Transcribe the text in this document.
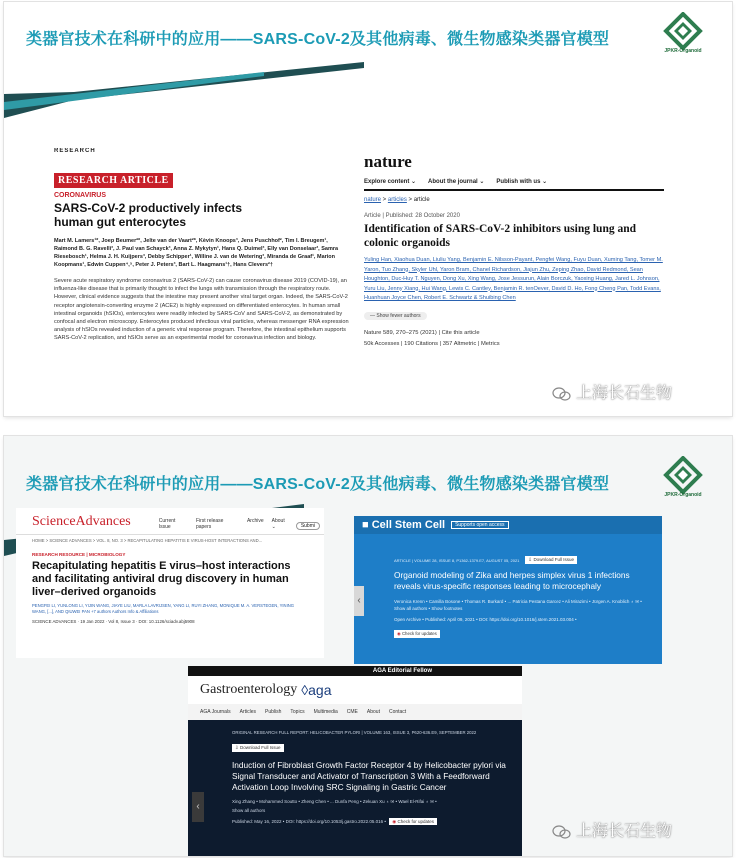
类器官技术在科研中的应用——SARS-CoV-2及其他病毒、微生物感染类器官模型
JPKR-Organoid
RESEARCH
RESEARCH ARTICLE
CORONAVIRUS
SARS-CoV-2 productively infects human gut enterocytes
Mart M. Lamers¹*, Joep Beumer²*, Jelte van der Vaart²*, Kèvin Knoops³, Jens Puschhof², Tim I. Breugem¹, Raimond B. G. Ravelli³, J. Paul van Schayck³, Anna Z. Mykytyn¹, Hans Q. Duimel³, Elly van Donselaar³, Samra Riesebosch¹, Helma J. H. Kuijpers³, Debby Schipper¹, Willine J. van de Wetering³, Miranda de Graaf¹, Marion Koopmans¹, Edwin Cuppen⁴,⁵, Peter J. Peters³, Bart L. Haagmans¹†, Hans Clevers²†
Severe acute respiratory syndrome coronavirus 2 (SARS-CoV-2) can cause coronavirus disease 2019 (COVID-19), an influenza-like disease that is primarily thought to infect the lungs with transmission through the respiratory route. However, clinical evidence suggests that the intestine may present another viral target organ. Indeed, the SARS-CoV-2 receptor angiotensin-converting enzyme 2 (ACE2) is highly expressed on differentiated enterocytes. In human small intestinal organoids (hSIOs), enterocytes were readily infected by SARS-CoV and SARS-CoV-2, as demonstrated by confocal and electron microscopy. Enterocytes produced infectious viral particles, whereas messenger RNA expression analysis of hSIOs revealed induction of a generic viral response program. Therefore, the intestinal epithelium supports SARS-CoV-2 replication, and hSIOs serve as an experimental model for coronavirus infection and biology.
nature
Explore content ⌄ About the journal ⌄ Publish with us ⌄
nature > articles > article
Article | Published: 28 October 2020
Identification of SARS-CoV-2 inhibitors using lung and colonic organoids
Yuling Han, Xiaohua Duan, Liuliu Yang, Benjamin E. Nilsson-Payant, Pengfei Wang, Fuyu Duan, Xuming Tang, Tomer M. Yaron, Tuo Zhang, Skyler Uhl, Yaron Bram, Chanel Richardson, Jiajun Zhu, Zeping Zhao, David Redmond, Sean Houghton, Duc-Huy T. Nguyen, Dong Xu, Xing Wang, Jose Jessurun, Alain Borczuk, Yaoxing Huang, Jared L. Johnson, Yuru Liu, Jenny Xiang, Hui Wang, Lewis C. Cantley, Benjamin R. tenOever, David D. Ho, Fong Cheng Pan, Todd Evans, Huanhuan Joyce Chen, Robert E. Schwartz & Shuibing Chen
— Show fewer authors
Nature 589, 270–275 (2021) | Cite this article
50k Accesses | 190 Citations | 357 Altmetric | Metrics
上海长石生物
类器官技术在科研中的应用——SARS-CoV-2及其他病毒、微生物感染类器官模型
JPKR-Organoid
ScienceAdvances	Current Issue
First release papers
Archive About ⌄	Submi
HOME > SCIENCE ADVANCES > VOL. 8, NO. 3 > RECAPITULATING HEPATITIS E VIRUS-HOST INTERACTIONS AND...
RESEARCH RESOURCE | MICROBIOLOGY
Recapitulating hepatitis E virus–host interactions and facilitating antiviral drug discovery in human liver–derived organoids
PENGFEI LI, YUNLONG LI, YIJIN WANG, JIAYE LIU, MARLA LAVRIJSEN, YANG LI, RUYI ZHANG, MONIQUE M. A. VERSTEGEN, YINING WANG, [...], AND QIUWEI PAN +7 authors Authors Info & Affiliations
SCIENCE ADVANCES · 19 Jan 2022 · Vol 8, Issue 3 · DOI: 10.1126/sciadv.abj5908
■ Cell Stem Cell	Supports open access
‹
ARTICLE | VOLUME 28, ISSUE 8, P1362-1379.E7, AUGUST 05, 2021	⇩ Download Full Issue
Organoid modeling of Zika and herpes simplex virus 1 infections reveals virus-specific responses leading to microcephaly
Veronica Krenn • Camilla Bosone • Thomas R. Burkard • ... Patricia Pestana Garcez • Ali Mirazimi • Jürgen A. Knoblich ♁ ✉ • Show all authors • Show footnotes
Open Archive • Published: April 09, 2021 • DOI: https://doi.org/10.1016/j.stem.2021.03.004 •
◉ Check for updates
AGA Editorial Fellow
Gastroenterology ◊aga
AGA Journals Articles Publish Topics Multimedia CME About Contact
‹
ORIGINAL RESEARCH FULL REPORT: HELICOBACTER PYLORI | VOLUME 163, ISSUE 3, P620-636.E9, SEPTEMBER 2022
⇩ Download Full Issue
Induction of Fibroblast Growth Factor Receptor 4 by Helicobacter pylori via Signal Transducer and Activator of Transcription 3 With a Feedforward Activation Loop Involving SRC Signaling in Gastric Cancer
Xing Zhang • Mohammed Soutto • Zheng Chen • ... Dunfa Peng • Zekuan Xu ♁ ✉ • Wael El-Rifai ♁ ✉ •
Show all authors
Published: May 16, 2022 • DOI: https://doi.org/10.1053/j.gastro.2022.05.016 • ◉ Check for updates
上海长石生物
